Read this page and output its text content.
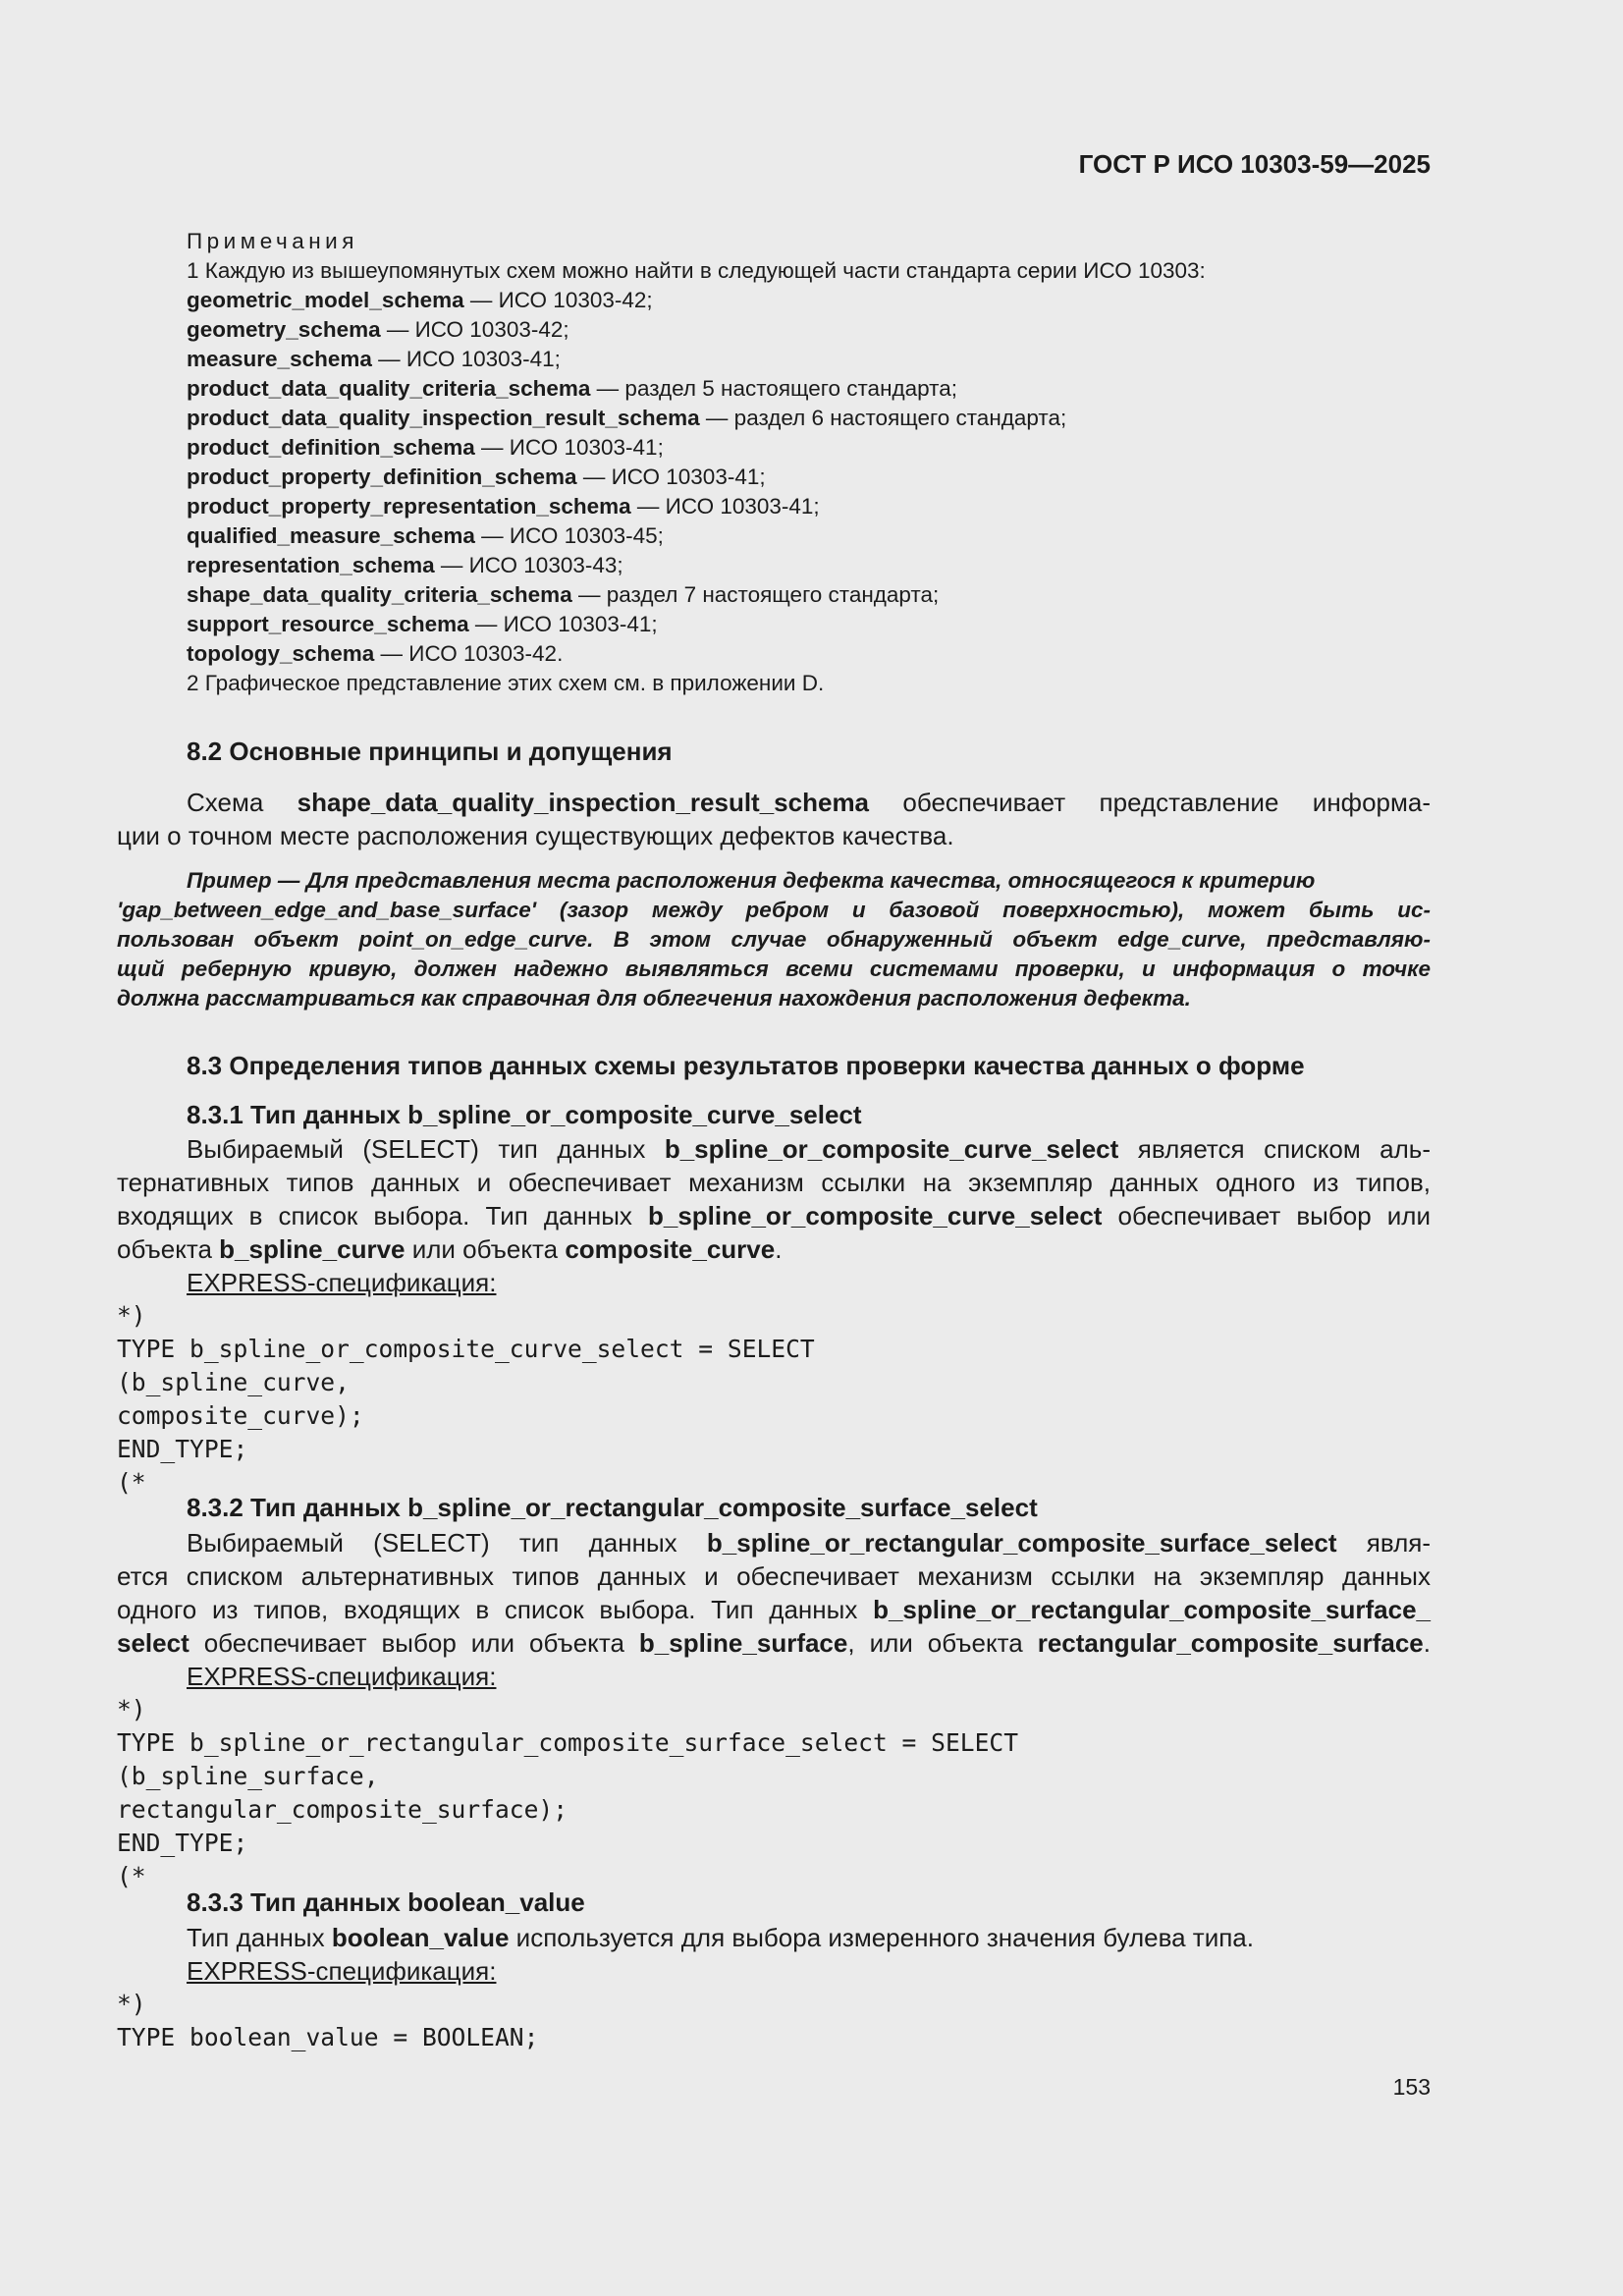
ГОСТ Р ИСО 10303-59—2025
Примечания
1 Каждую из вышеупомянутых схем можно найти в следующей части стандарта серии ИСО 10303:
geometric_model_schema — ИСО 10303-42;
geometry_schema — ИСО 10303-42;
measure_schema — ИСО 10303-41;
product_data_quality_criteria_schema — раздел 5 настоящего стандарта;
product_data_quality_inspection_result_schema — раздел 6 настоящего стандарта;
product_definition_schema — ИСО 10303-41;
product_property_definition_schema — ИСО 10303-41;
product_property_representation_schema — ИСО 10303-41;
qualified_measure_schema — ИСО 10303-45;
representation_schema — ИСО 10303-43;
shape_data_quality_criteria_schema — раздел 7 настоящего стандарта;
support_resource_schema — ИСО 10303-41;
topology_schema — ИСО 10303-42.
2 Графическое представление этих схем см. в приложении D.
8.2 Основные принципы и допущения
Схема shape_data_quality_inspection_result_schema обеспечивает представление информа-
ции о точном месте расположения существующих дефектов качества.
Пример — Для представления места расположения дефекта качества, относящегося к критерию
'gap_between_edge_and_base_surface' (зазор между ребром и базовой поверхностью), может быть ис-
пользован объект point_on_edge_curve. В этом случае обнаруженный объект edge_curve, представляю-
щий реберную кривую, должен надежно выявляться всеми системами проверки, и информация о точке
должна рассматриваться как справочная для облегчения нахождения расположения дефекта.
8.3 Определения типов данных схемы результатов проверки качества данных о форме
8.3.1 Тип данных b_spline_or_composite_curve_select
Выбираемый (SELECT) тип данных b_spline_or_composite_curve_select является списком аль-
тернативных типов данных и обеспечивает механизм ссылки на экземпляр данных одного из типов,
входящих в список выбора. Тип данных b_spline_or_composite_curve_select обеспечивает выбор или
объекта b_spline_curve или объекта composite_curve.
EXPRESS-спецификация:
*)
TYPE b_spline_or_composite_curve_select = SELECT
(b_spline_curve,
composite_curve);
END_TYPE;
(*
8.3.2 Тип данных b_spline_or_rectangular_composite_surface_select
Выбираемый (SELECT) тип данных b_spline_or_rectangular_composite_surface_select явля-
ется списком альтернативных типов данных и обеспечивает механизм ссылки на экземпляр данных
одного из типов, входящих в список выбора. Тип данных b_spline_or_rectangular_composite_surface_
select обеспечивает выбор или объекта b_spline_surface, или объекта rectangular_composite_surface.
EXPRESS-спецификация:
*)
TYPE b_spline_or_rectangular_composite_surface_select = SELECT
(b_spline_surface,
rectangular_composite_surface);
END_TYPE;
(*
8.3.3 Тип данных boolean_value
Тип данных boolean_value используется для выбора измеренного значения булева типа.
EXPRESS-спецификация:
*)
TYPE boolean_value = BOOLEAN;
153
